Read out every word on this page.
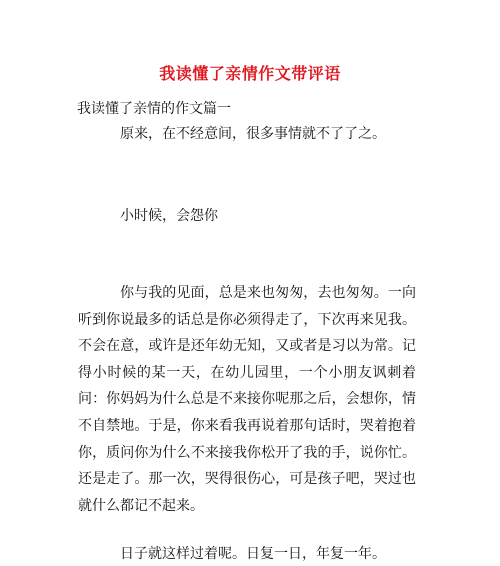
我读懂了亲情作文带评语
我读懂了亲情的作文篇一
原来，在不经意间，很多事情就不了了之。
小时候，会怨你
你与我的见面，总是来也匆匆，去也匆匆。一向听到你说最多的话总是你必须得走了，下次再来见我。不会在意，或许是还年幼无知，又或者是习以为常。记得小时候的某一天，在幼儿园里，一个小朋友讽刺着问：你妈妈为什么总是不来接你呢那之后，会想你，情不自禁地。于是，你来看我再说着那句话时，哭着抱着你，质问你为什么不来接我你松开了我的手，说你忙。还是走了。那一次，哭得很伤心，可是孩子吧，哭过也就什么都记不起来。
日子就这样过着呢。日复一日，年复一年。
